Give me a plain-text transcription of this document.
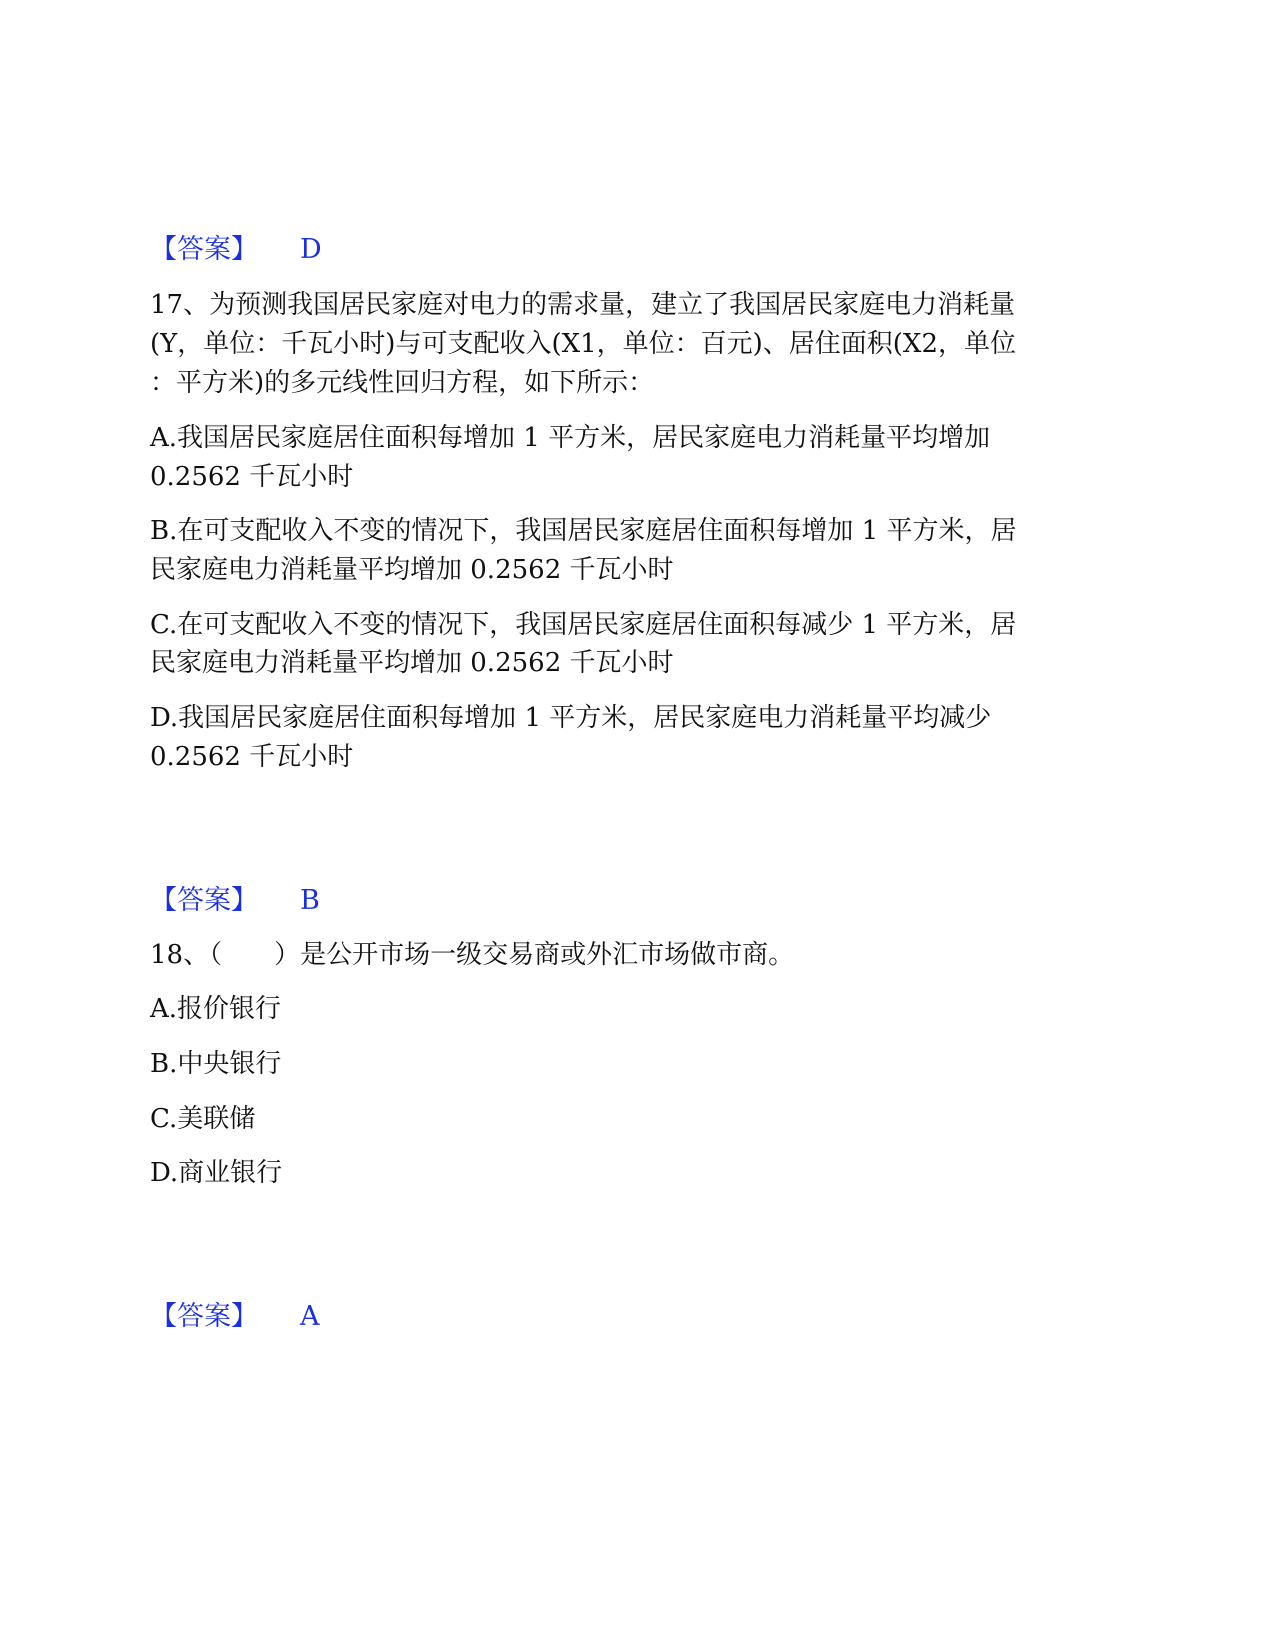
【答案】 D
17、为预测我国居民家庭对电力的需求量，建立了我国居民家庭电力消耗量
(Y，单位：千瓦小时)与可支配收入(X1，单位：百元)、居住面积(X2，单位
：平方米)的多元线性回归方程，如下所示：
A.我国居民家庭居住面积每增加 1 平方米，居民家庭电力消耗量平均增加
0.2562 千瓦小时
B.在可支配收入不变的情况下，我国居民家庭居住面积每增加 1 平方米，居
民家庭电力消耗量平均增加 0.2562 千瓦小时
C.在可支配收入不变的情况下，我国居民家庭居住面积每减少 1 平方米，居
民家庭电力消耗量平均增加 0.2562 千瓦小时
D.我国居民家庭居住面积每增加 1 平方米，居民家庭电力消耗量平均减少
0.2562 千瓦小时
【答案】 B
18、（　　）是公开市场一级交易商或外汇市场做市商。
A.报价银行
B.中央银行
C.美联储
D.商业银行
【答案】 A
